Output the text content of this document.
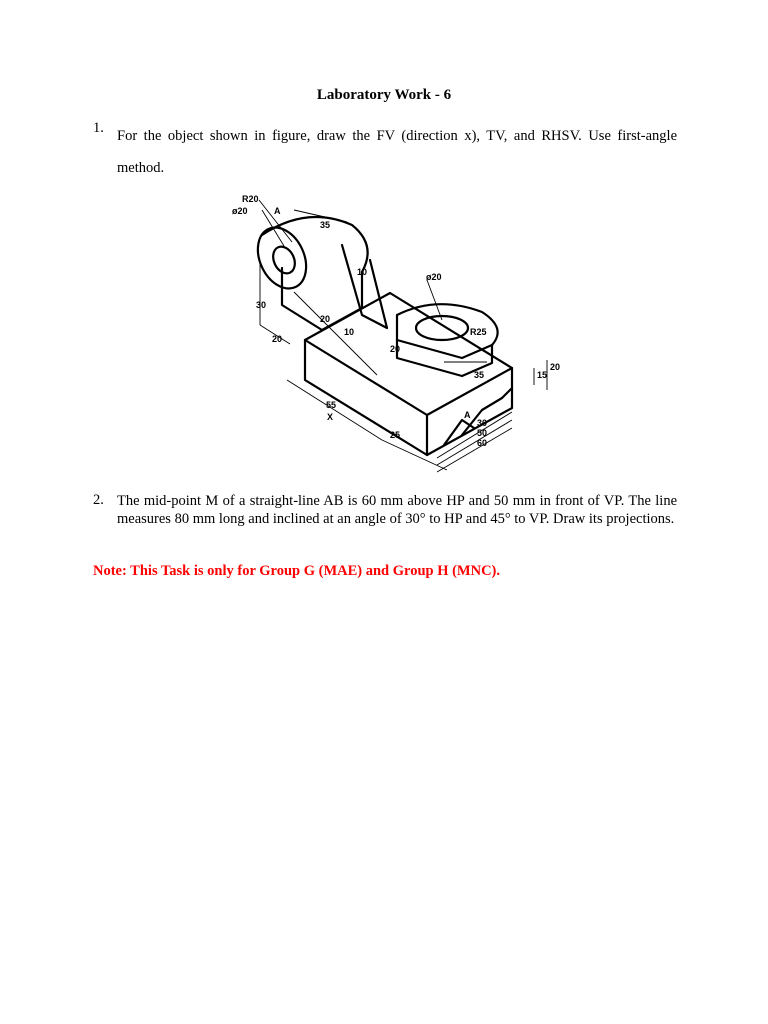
Laboratory Work - 6
1. For the object shown in figure, draw the FV (direction x), TV, and RHSV. Use first-angle method.
R20
ø20	A
35
10	ø20
30
20
20
10	R25
20
20
15
35
55
X
25
A
30
50
60
2. The mid-point M of a straight-line AB is 60 mm above HP and 50 mm in front of VP. The line measures 80 mm long and inclined at an angle of 30° to HP and 45° to VP. Draw its projections.
Note: This Task is only for Group G (MAE) and Group H (MNC).
